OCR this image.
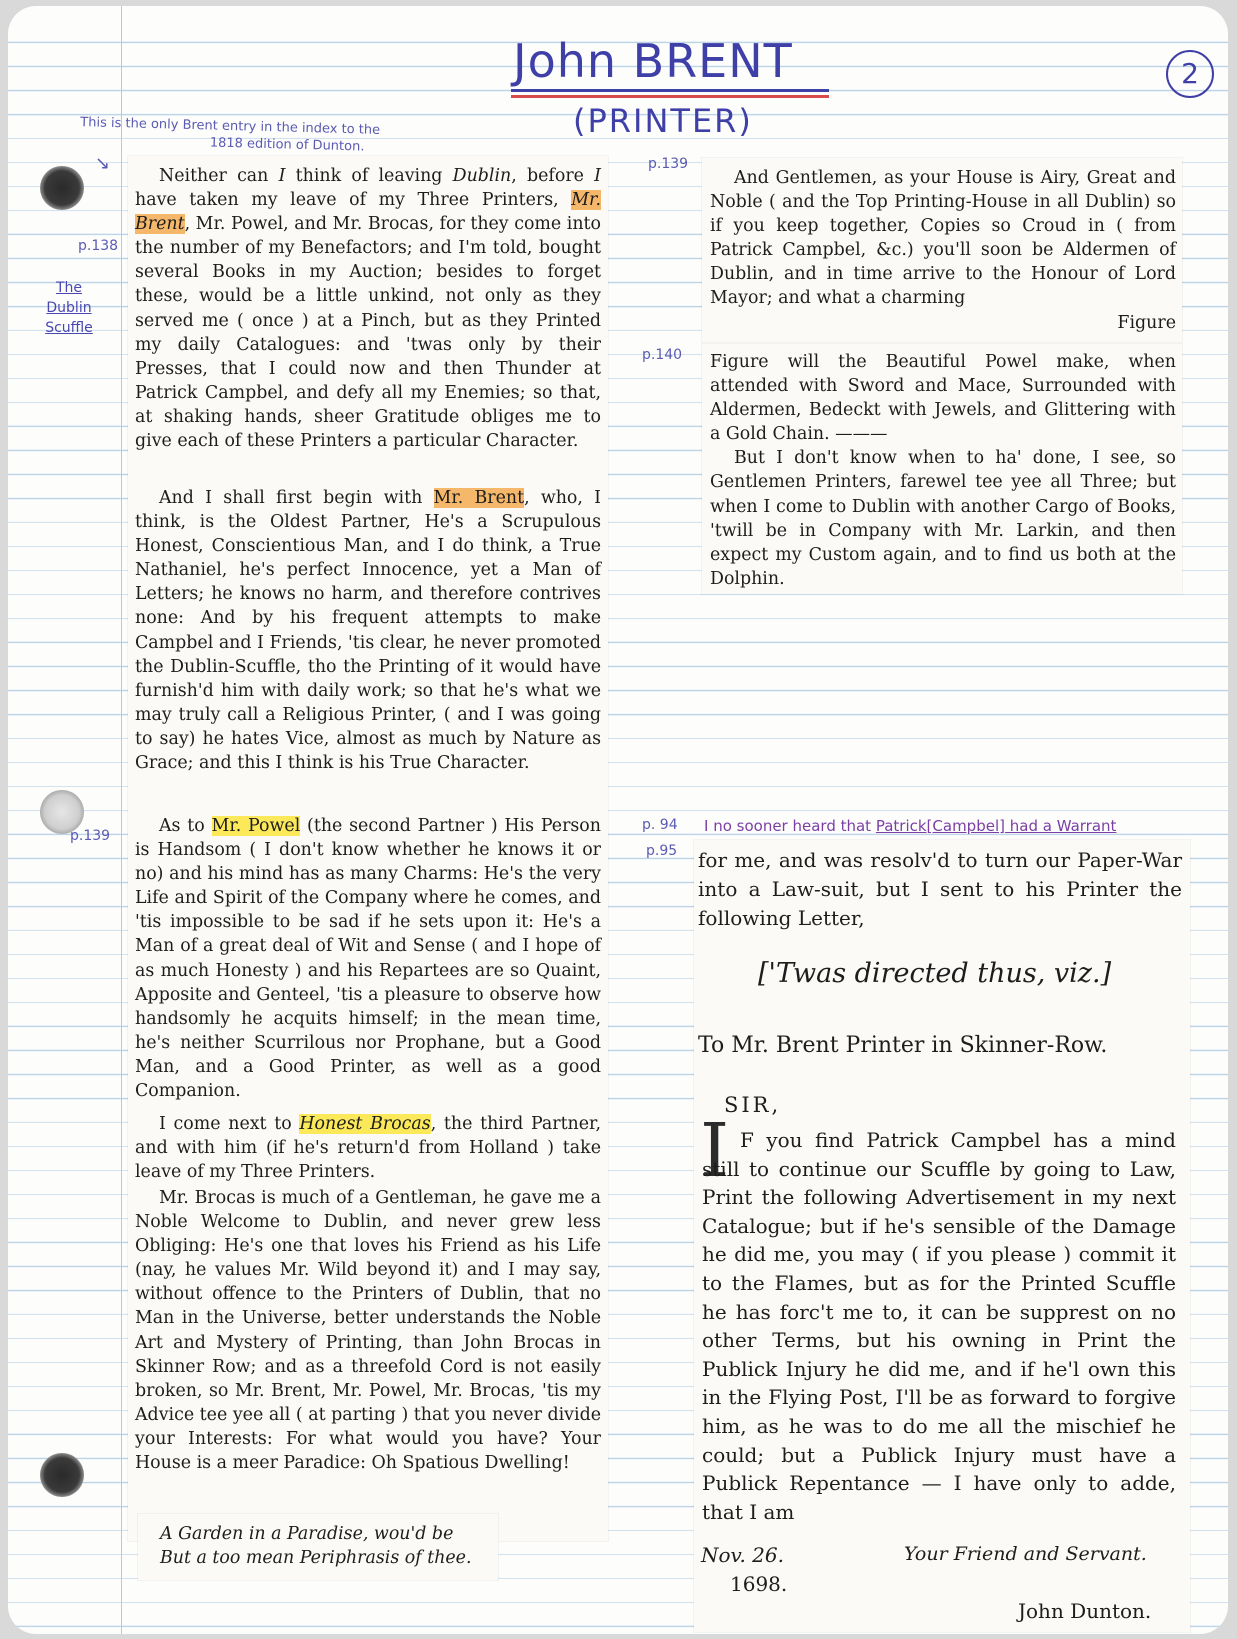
John BRENT
(PRINTER)
2
This is the only Brent entry in the index to the
1818 edition of Dunton.
↘
The Dublin
Scuffle
p.138
p.139
p.139
p.140
p. 94
p.95

Neither can I think of leaving Dublin, before I have taken my leave of my Three Printers, Mr. Brent, Mr. Powel, and Mr. Brocas, for they come into the number of my Benefactors; and I'm told, bought several Books in my Auction; besides to forget these, would be a little unkind, not only as they served me ( once ) at a Pinch, but as they Printed my daily Catalogues: and 'twas only by their Presses, that I could now and then Thunder at Patrick Campbel, and defy all my Enemies; so that, at shaking hands, sheer Gratitude obliges me to give each of these Printers a particular Character.

And I shall first begin with Mr. Brent, who, I think, is the Oldest Partner, He's a Scrupulous Honest, Conscientious Man, and I do think, a True Nathaniel, he's perfect Innocence, yet a Man of Letters; he knows no harm, and therefore contrives none: And by his frequent attempts to make Campbel and I Friends, 'tis clear, he never promoted the Dublin-Scuffle, tho the Printing of it would have furnish'd him with daily work; so that he's what we may truly call a Religious Printer, ( and I was going to say) he hates Vice, almost as much by Nature as Grace; and this I think is his True Character.

As to Mr. Powel (the second Partner ) His Person is Handsom ( I don't know whether he knows it or no) and his mind has as many Charms: He's the very Life and Spirit of the Company where he comes, and 'tis impossible to be sad if he sets upon it: He's a Man of a great deal of Wit and Sense ( and I hope of as much Honesty ) and his Repartees are so Quaint, Apposite and Genteel, 'tis a pleasure to observe how handsomly he acquits himself; in the mean time, he's neither Scurrilous nor Prophane, but a Good Man, and a Good Printer, as well as a good Companion.

I come next to Honest Brocas, the third Partner, and with him (if he's return'd from Holland ) take leave of my Three Printers.

Mr. Brocas is much of a Gentleman, he gave me a Noble Welcome to Dublin, and never grew less Obliging: He's one that loves his Friend as his Life (nay, he values Mr. Wild beyond it) and I may say, without offence to the Printers of Dublin, that no Man in the Universe, better understands the Noble Art and Mystery of Printing, than John Brocas in Skinner Row; and as a threefold Cord is not easily broken, so Mr. Brent, Mr. Powel, Mr. Brocas, 'tis my Advice tee yee all ( at parting ) that you never divide your Interests: For what would you have? Your House is a meer Paradice: Oh Spatious Dwelling!

A Garden in a Paradise, wou'd be

But a too mean Periphrasis of thee.

And Gentlemen, as your House is Airy, Great and Noble ( and the Top Printing-House in all Dublin) so if you keep together, Copies so Croud in ( from Patrick Campbel, &c.) you'll soon be Aldermen of Dublin, and in time arrive to the Honour of Lord Mayor; and what a charming

Figure

Figure will the Beautiful Powel make, when attended with Sword and Mace, Surrounded with Aldermen, Bedeckt with Jewels, and Glittering with a Gold Chain. ———

But I don't know when to ha' done, I see, so Gentlemen Printers, farewel tee yee all Three; but when I come to Dublin with another Cargo of Books, 'twill be in Company with Mr. Larkin, and then expect my Custom again, and to find us both at the Dolphin.

I no sooner heard that Patrick[Campbel] had a Warrant

for me, and was resolv'd to turn our Paper-War into a Law-suit, but I sent to his Printer the following Letter,

['Twas directed thus, viz.]
To Mr. Brent Printer in Skinner-Row.
SIR,
I F you find Patrick Campbel has a mind still to continue our Scuffle by going to Law, Print the following Advertisement in my next Catalogue; but if he's sensible of the Damage he did me, you may ( if you please ) commit it to the Flames, but as for the Printed Scuffle he has forc't me to, it can be supprest on no other Terms, but his owning in Print the Publick Injury he did me, and if he'l own this in the Flying Post, I'll be as forward to forgive him, as he was to do me all the mischief he could; but a Publick Injury must have a Publick Repentance — I have only to adde, that I am

Nov. 26.
1698.
Your Friend and Servant.
John Dunton.
